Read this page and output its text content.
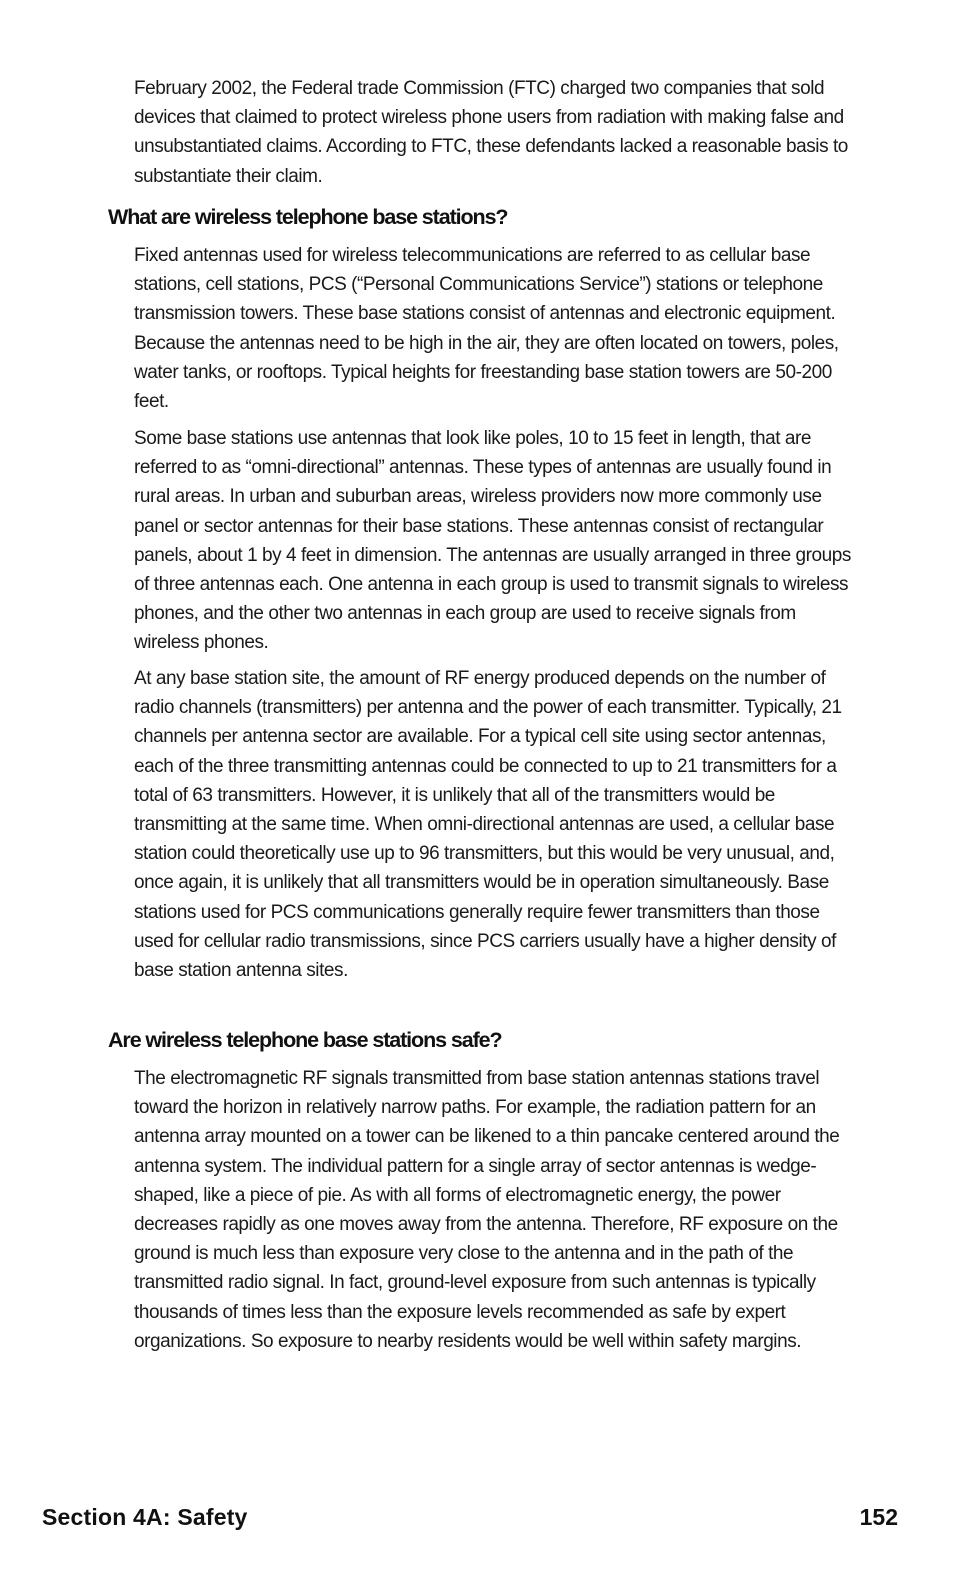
February 2002, the Federal trade Commission (FTC) charged two companies that sold devices that claimed to protect wireless phone users from radiation with making false and unsubstantiated claims. According to FTC, these defendants lacked a reasonable basis to substantiate their claim.

What are wireless telephone base stations?

Fixed antennas used for wireless telecommunications are referred to as cellular base stations, cell stations, PCS (“Personal Communications Service”) stations or telephone transmission towers. These base stations consist of antennas and electronic equipment. Because the antennas need to be high in the air, they are often located on towers, poles, water tanks, or rooftops. Typical heights for freestanding base station towers are 50-200 feet.

Some base stations use antennas that look like poles, 10 to 15 feet in length, that are referred to as “omni-directional” antennas. These types of antennas are usually found in rural areas. In urban and suburban areas, wireless providers now more commonly use panel or sector antennas for their base stations. These antennas consist of rectangular panels, about 1 by 4 feet in dimension. The antennas are usually arranged in three groups of three antennas each. One antenna in each group is used to transmit signals to wireless phones, and the other two antennas in each group are used to receive signals from wireless phones.

At any base station site, the amount of RF energy produced depends on the number of radio channels (transmitters) per antenna and the power of each transmitter. Typically, 21 channels per antenna sector are available. For a typical cell site using sector antennas, each of the three transmitting antennas could be connected to up to 21 transmitters for a total of 63 transmitters. However, it is unlikely that all of the transmitters would be transmitting at the same time. When omni-directional antennas are used, a cellular base station could theoretically use up to 96 transmitters, but this would be very unusual, and, once again, it is unlikely that all transmitters would be in operation simultaneously. Base stations used for PCS communications generally require fewer transmitters than those used for cellular radio transmissions, since PCS carriers usually have a higher density of base station antenna sites.

Are wireless telephone base stations safe?

The electromagnetic RF signals transmitted from base station antennas stations travel toward the horizon in relatively narrow paths. For example, the radiation pattern for an antenna array mounted on a tower can be likened to a thin pancake centered around the antenna system. The individual pattern for a single array of sector antennas is wedge-shaped, like a piece of pie. As with all forms of electromagnetic energy, the power decreases rapidly as one moves away from the antenna. Therefore, RF exposure on the ground is much less than exposure very close to the antenna and in the path of the transmitted radio signal. In fact, ground-level exposure from such antennas is typically thousands of times less than the exposure levels recommended as safe by expert organizations. So exposure to nearby residents would be well within safety margins.

Section 4A: Safety	152
